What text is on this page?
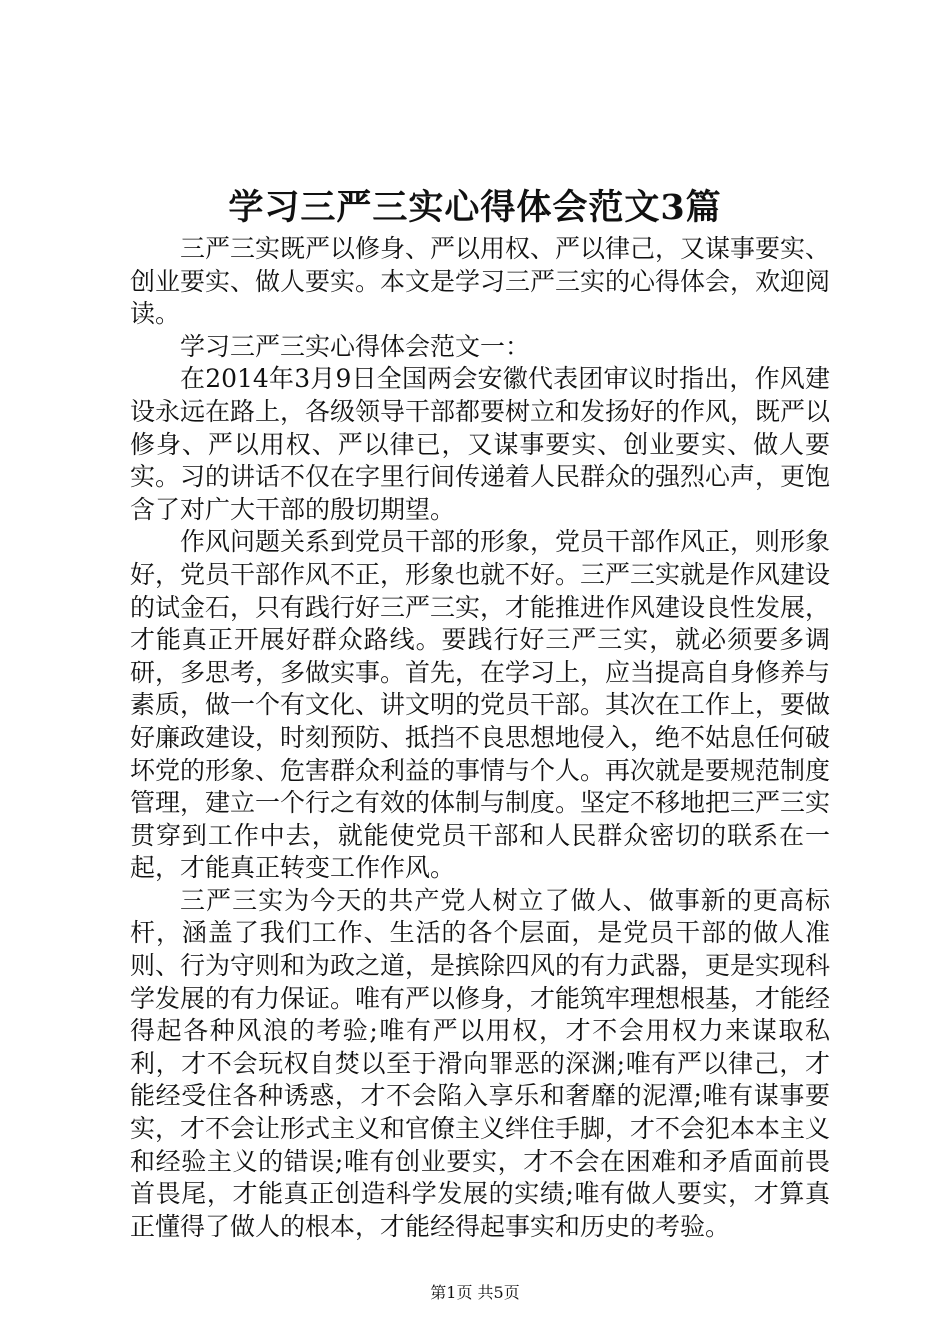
学习三严三实心得体会范文3篇

三严三实既严以修身、严以用权、严以律己，又谋事要实、创业要实、做人要实。本文是学习三严三实的心得体会，欢迎阅读。

学习三严三实心得体会范文一：

在2014年3月9日全国两会安徽代表团审议时指出，作风建设永远在路上，各级领导干部都要树立和发扬好的作风，既严以修身、严以用权、严以律已，又谋事要实、创业要实、做人要实。习的讲话不仅在字里行间传递着人民群众的强烈心声，更饱含了对广大干部的殷切期望。

作风问题关系到党员干部的形象，党员干部作风正，则形象好，党员干部作风不正，形象也就不好。三严三实就是作风建设的试金石，只有践行好三严三实，才能推进作风建设良性发展，才能真正开展好群众路线。要践行好三严三实，就必须要多调研，多思考，多做实事。首先，在学习上，应当提高自身修养与素质，做一个有文化、讲文明的党员干部。其次在工作上，要做好廉政建设，时刻预防、抵挡不良思想地侵入，绝不姑息任何破坏党的形象、危害群众利益的事情与个人。再次就是要规范制度管理，建立一个行之有效的体制与制度。坚定不移地把三严三实贯穿到工作中去，就能使党员干部和人民群众密切的联系在一起，才能真正转变工作作风。

三严三实为今天的共产党人树立了做人、做事新的更高标杆，涵盖了我们工作、生活的各个层面，是党员干部的做人准则、行为守则和为政之道，是摈除四风的有力武器，更是实现科学发展的有力保证。唯有严以修身，才能筑牢理想根基，才能经得起各种风浪的考验;唯有严以用权，才不会用权力来谋取私利，才不会玩权自焚以至于滑向罪恶的深渊;唯有严以律己，才能经受住各种诱惑，才不会陷入享乐和奢靡的泥潭;唯有谋事要实，才不会让形式主义和官僚主义绊住手脚，才不会犯本本主义和经验主义的错误;唯有创业要实，才不会在困难和矛盾面前畏首畏尾，才能真正创造科学发展的实绩;唯有做人要实，才算真正懂得了做人的根本，才能经得起事实和历史的考验。

第1页 共5页
